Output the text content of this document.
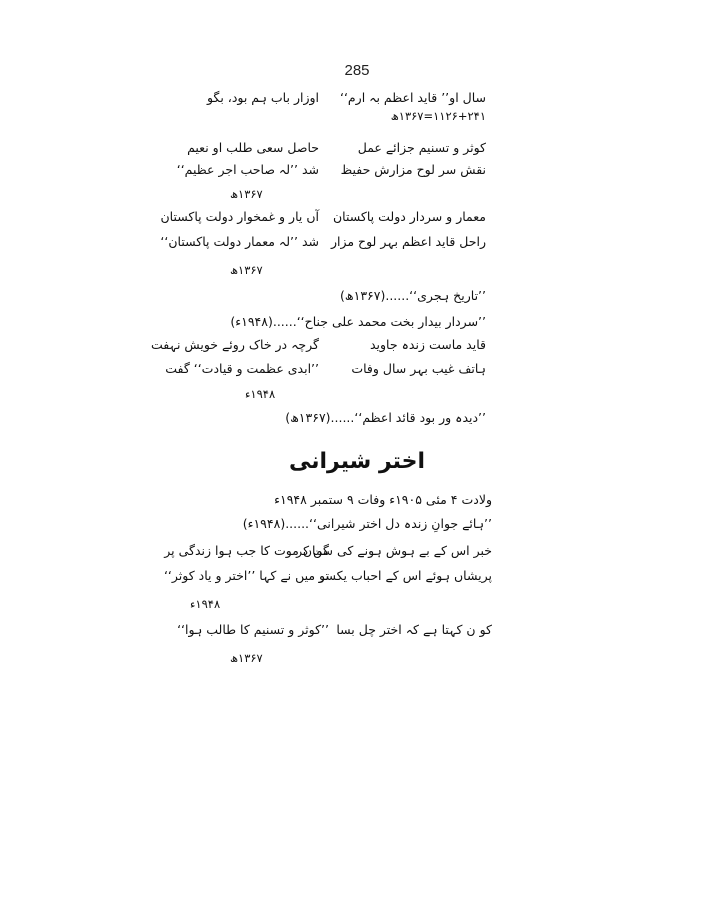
285
سال او’’ قاید اعظم بہ ارم‘‘
اوزار باب ہم بود، بگو
۱۱۲۶+۲۴۱=۱۳۶۷ھ
کوثر و تسنیم جزائے عمل
حاصل سعی طلب او نعیم
نقش سر لوح مزارش حفیظ
شد ’’لہ صاحب اجر عظیم‘‘
۱۳۶۷ھ
معمار و سردار دولت پاکستان
آں یار و غمخوار دولت پاکستان
راحل قاید اعظم بہر لوح مزار
شد ’’لہ معمار دولت پاکستان‘‘
۱۳۶۷ھ
’’تاریخ ہجری‘‘......(۱۳۶۷ھ)
’’سردار بیدار بخت محمد علی جناح‘‘......(۱۹۴۸ء)
قاید ماست زندہ جاوید
گرچہ در خاک روئے خویش نہفت
ہاتف غیب بہر سال وفات
’’ابدی عظمت و قیادت‘‘ گفت
۱۹۴۸ء
’’دیدہ ور بود قائد اعظم‘‘......(۱۳۶۷ھ)
اختر شیرانی
ولادت ۴ مئی ۱۹۰۵ء وفات ۹ ستمبر ۱۹۴۸ء
’’ہائے جوانِ زندہ دل اختر شیرانی‘‘......(۱۹۴۸ء)
خبر اس کے بے ہوش ہونے کی سن کر
گماں موت کا جب ہوا زندگی پر
پریشاں ہوئے اس کے احباب یکسر
تو میں نے کہا ’’اختر و یاد کوثر‘‘
۱۹۴۸ء
کو ن کہتا ہے کہ اختر چل بسا
’’کوثر و تسنیم کا طالب ہوا‘‘
۱۳۶۷ھ
